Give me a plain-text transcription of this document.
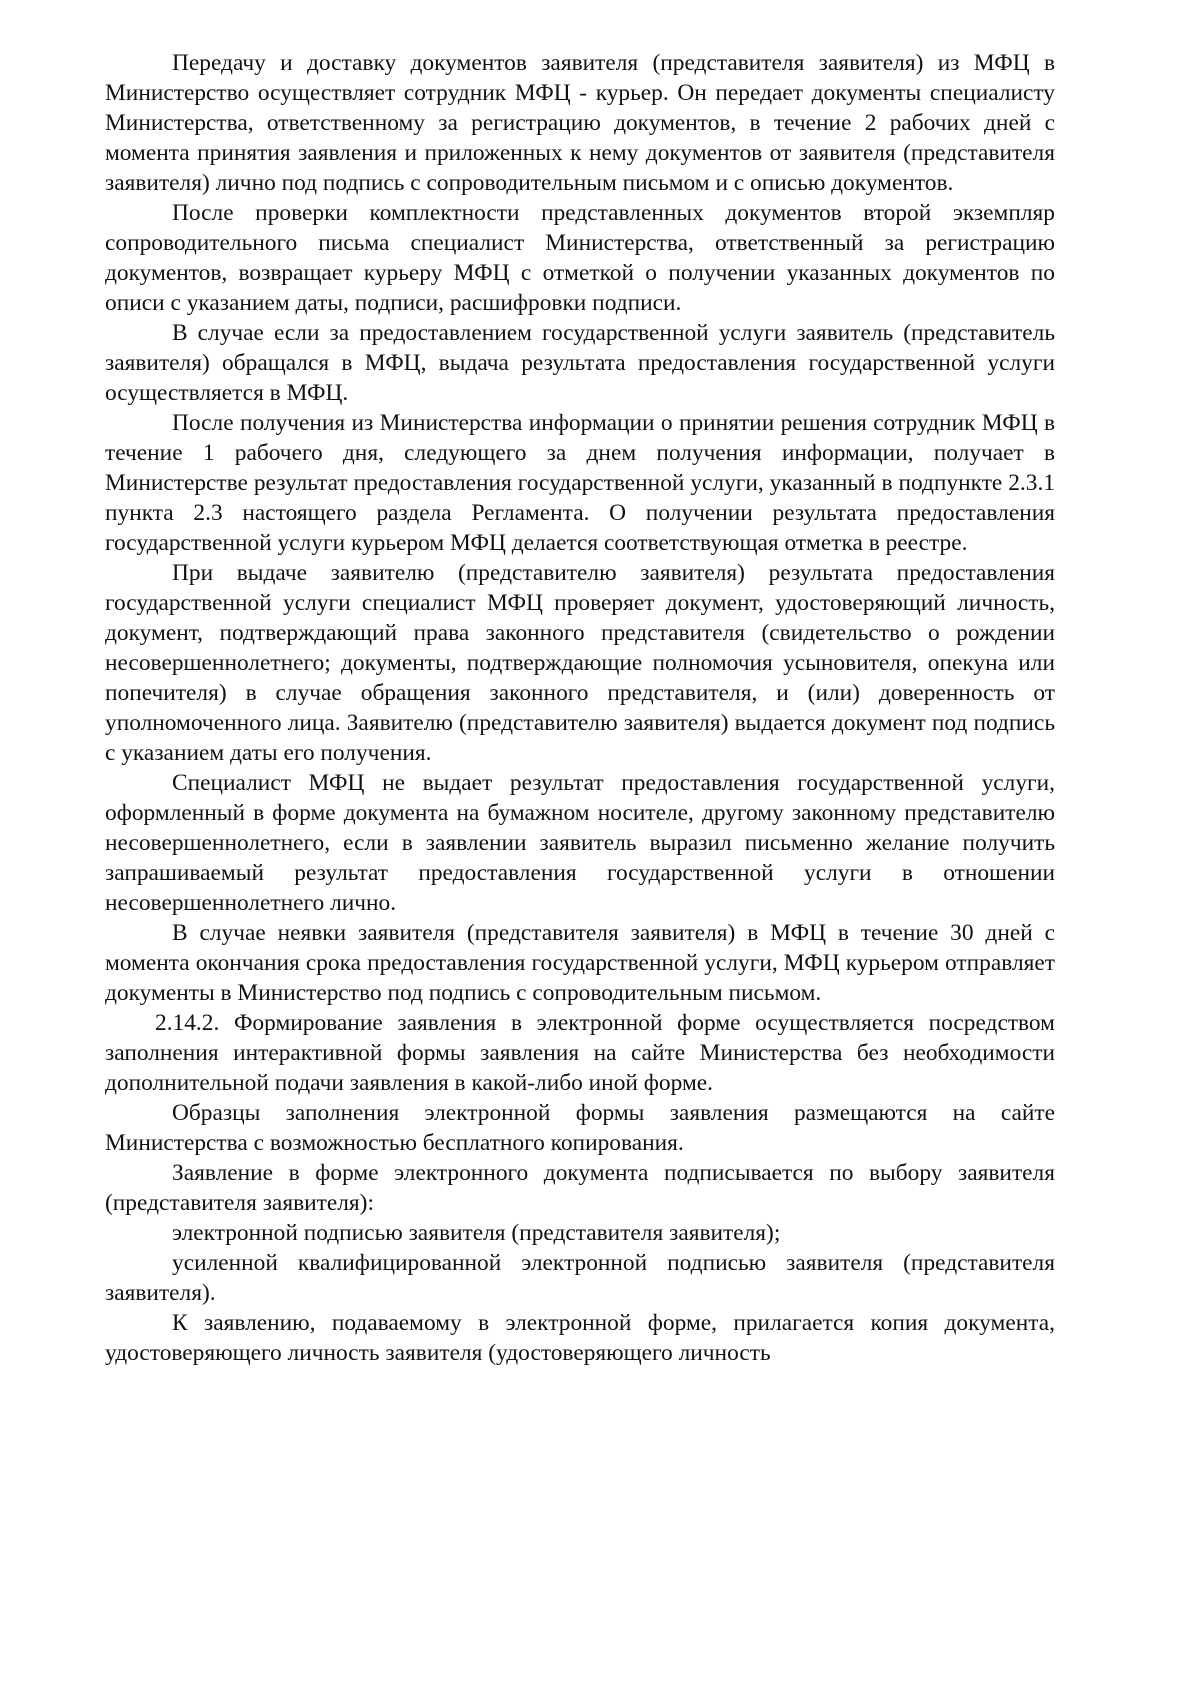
Передачу и доставку документов заявителя (представителя заявителя) из МФЦ в Министерство осуществляет сотрудник МФЦ - курьер. Он передает документы специалисту Министерства, ответственному за регистрацию документов, в течение 2 рабочих дней с момента принятия заявления и приложенных к нему документов от заявителя (представителя заявителя) лично под подпись с сопроводительным письмом и с описью документов.

После проверки комплектности представленных документов второй экземпляр сопроводительного письма специалист Министерства, ответственный за регистрацию документов, возвращает курьеру МФЦ с отметкой о получении указанных документов по описи с указанием даты, подписи, расшифровки подписи.

В случае если за предоставлением государственной услуги заявитель (представитель заявителя) обращался в МФЦ, выдача результата предоставления государственной услуги осуществляется в МФЦ.

После получения из Министерства информации о принятии решения сотрудник МФЦ в течение 1 рабочего дня, следующего за днем получения информации, получает в Министерстве результат предоставления государственной услуги, указанный в подпункте 2.3.1 пункта 2.3 настоящего раздела Регламента. О получении результата предоставления государственной услуги курьером МФЦ делается соответствующая отметка в реестре.

При выдаче заявителю (представителю заявителя) результата предоставления государственной услуги специалист МФЦ проверяет документ, удостоверяющий личность, документ, подтверждающий права законного представителя (свидетельство о рождении несовершеннолетнего; документы, подтверждающие полномочия усыновителя, опекуна или попечителя) в случае обращения законного представителя, и (или) доверенность от уполномоченного лица. Заявителю (представителю заявителя) выдается документ под подпись с указанием даты его получения.

Специалист МФЦ не выдает результат предоставления государственной услуги, оформленный в форме документа на бумажном носителе, другому законному представителю несовершеннолетнего, если в заявлении заявитель выразил письменно желание получить запрашиваемый результат предоставления государственной услуги в отношении несовершеннолетнего лично.

В случае неявки заявителя (представителя заявителя) в МФЦ в течение 30 дней с момента окончания срока предоставления государственной услуги, МФЦ курьером отправляет документы в Министерство под подпись с сопроводительным письмом.

2.14.2. Формирование заявления в электронной форме осуществляется посредством заполнения интерактивной формы заявления на сайте Министерства без необходимости дополнительной подачи заявления в какой-либо иной форме.

Образцы заполнения электронной формы заявления размещаются на сайте Министерства с возможностью бесплатного копирования.

Заявление в форме электронного документа подписывается по выбору заявителя (представителя заявителя):

электронной подписью заявителя (представителя заявителя);

усиленной квалифицированной электронной подписью заявителя (представителя заявителя).

К заявлению, подаваемому в электронной форме, прилагается копия документа, удостоверяющего личность заявителя (удостоверяющего личность
